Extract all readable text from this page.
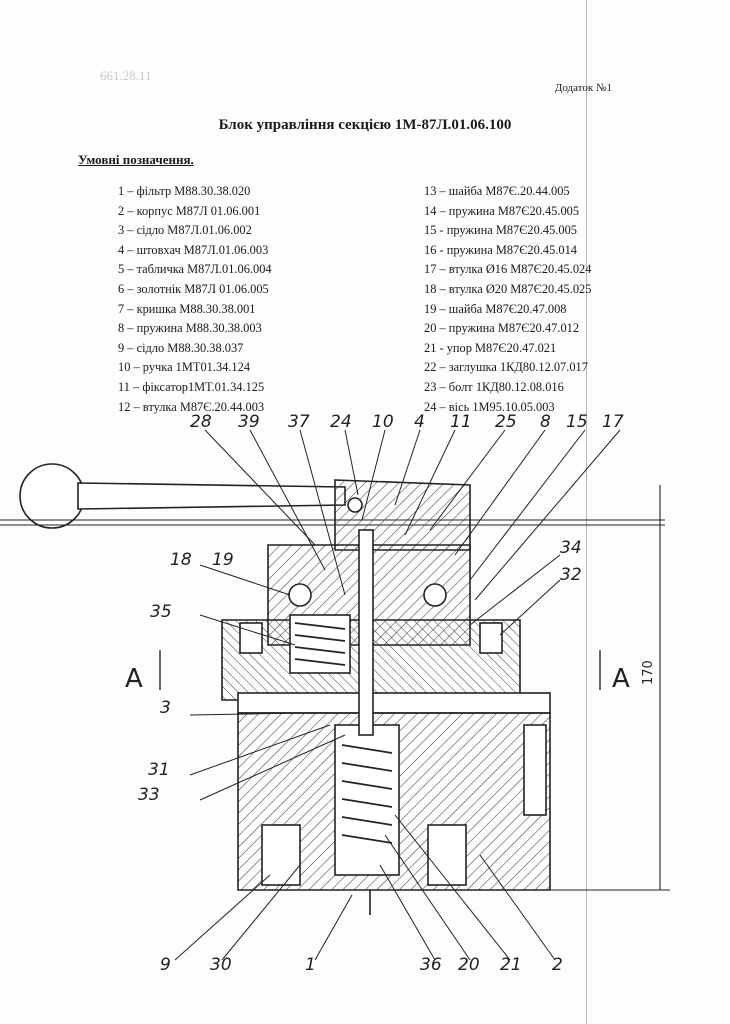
661.28.11
Додаток №1
Блок управління секцією 1М-87Л.01.06.100
Умовні позначення.
1 – фільтр М88.30.38.020
2 – корпус М87Л 01.06.001
3 – сідло М87Л.01.06.002
4 – штовхач М87Л.01.06.003
5 – табличка М87Л.01.06.004
6 – золотнік М87Л 01.06.005
7 – кришка М88.30.38.001
8 – пружина М88.30.38.003
9 – сідло М88.30.38.037
10 – ручка 1МТ01.34.124
11 – фіксатор1МТ.01.34.125
12 – втулка М87Є.20.44.003
13 – шайба М87Є.20.44.005
14 – пружина М87Є20.45.005
15 - пружина М87Є20.45.005
16 - пружина М87Є20.45.014
17 – втулка Ø16 М87Є20.45.024
18 – втулка Ø20 М87Є20.45.025
19 – шайба М87Є20.47.008
20 – пружина М87Є20.47.012
21 - упор М87Є20.47.021
22 – заглушка 1КД80.12.07.017
23 – болт 1КД80.12.08.016
24 – вісь 1М95.10.05.003
28 39 37 24 10 4 11 25 8 15 17
18 19
35
3
31
33
34
32
9 30	1	36 20 21 2
A	A 170
